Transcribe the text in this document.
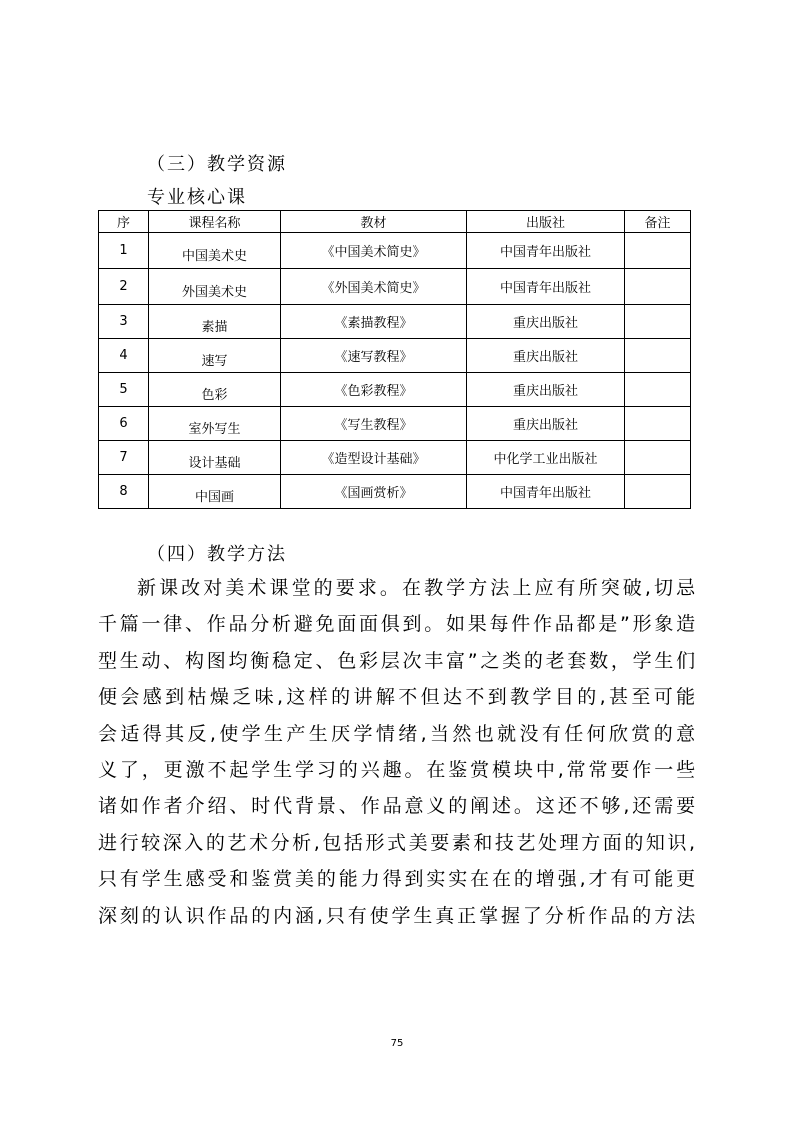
（三）教学资源
专业核心课
序	课程名称	教材	出版社	备注
1	中国美术史	《中国美术简史》	中国青年出版社	
2	外国美术史	《外国美术简史》	中国青年出版社	
3	素描	《素描教程》	重庆出版社	
4	速写	《速写教程》	重庆出版社	
5	色彩	《色彩教程》	重庆出版社	
6	室外写生	《写生教程》	重庆出版社	
7	设计基础	《造型设计基础》	中化学工业出版社	
8	中国画	《国画赏析》	中国青年出版社	
（四）教学方法
新课改对美术课堂的要求。在教学方法上应有所突破,切忌
千篇一律、作品分析避免面面俱到。如果每件作品都是”形象造
型生动、构图均衡稳定、色彩层次丰富”之类的老套数，学生们
便会感到枯燥乏味,这样的讲解不但达不到教学目的,甚至可能
会适得其反,使学生产生厌学情绪,当然也就没有任何欣赏的意
义了，更激不起学生学习的兴趣。在鉴赏模块中,常常要作一些
诸如作者介绍、时代背景、作品意义的阐述。这还不够,还需要
进行较深入的艺术分析,包括形式美要素和技艺处理方面的知识,
只有学生感受和鉴赏美的能力得到实实在在的增强,才有可能更
深刻的认识作品的内涵,只有使学生真正掌握了分析作品的方法
75
